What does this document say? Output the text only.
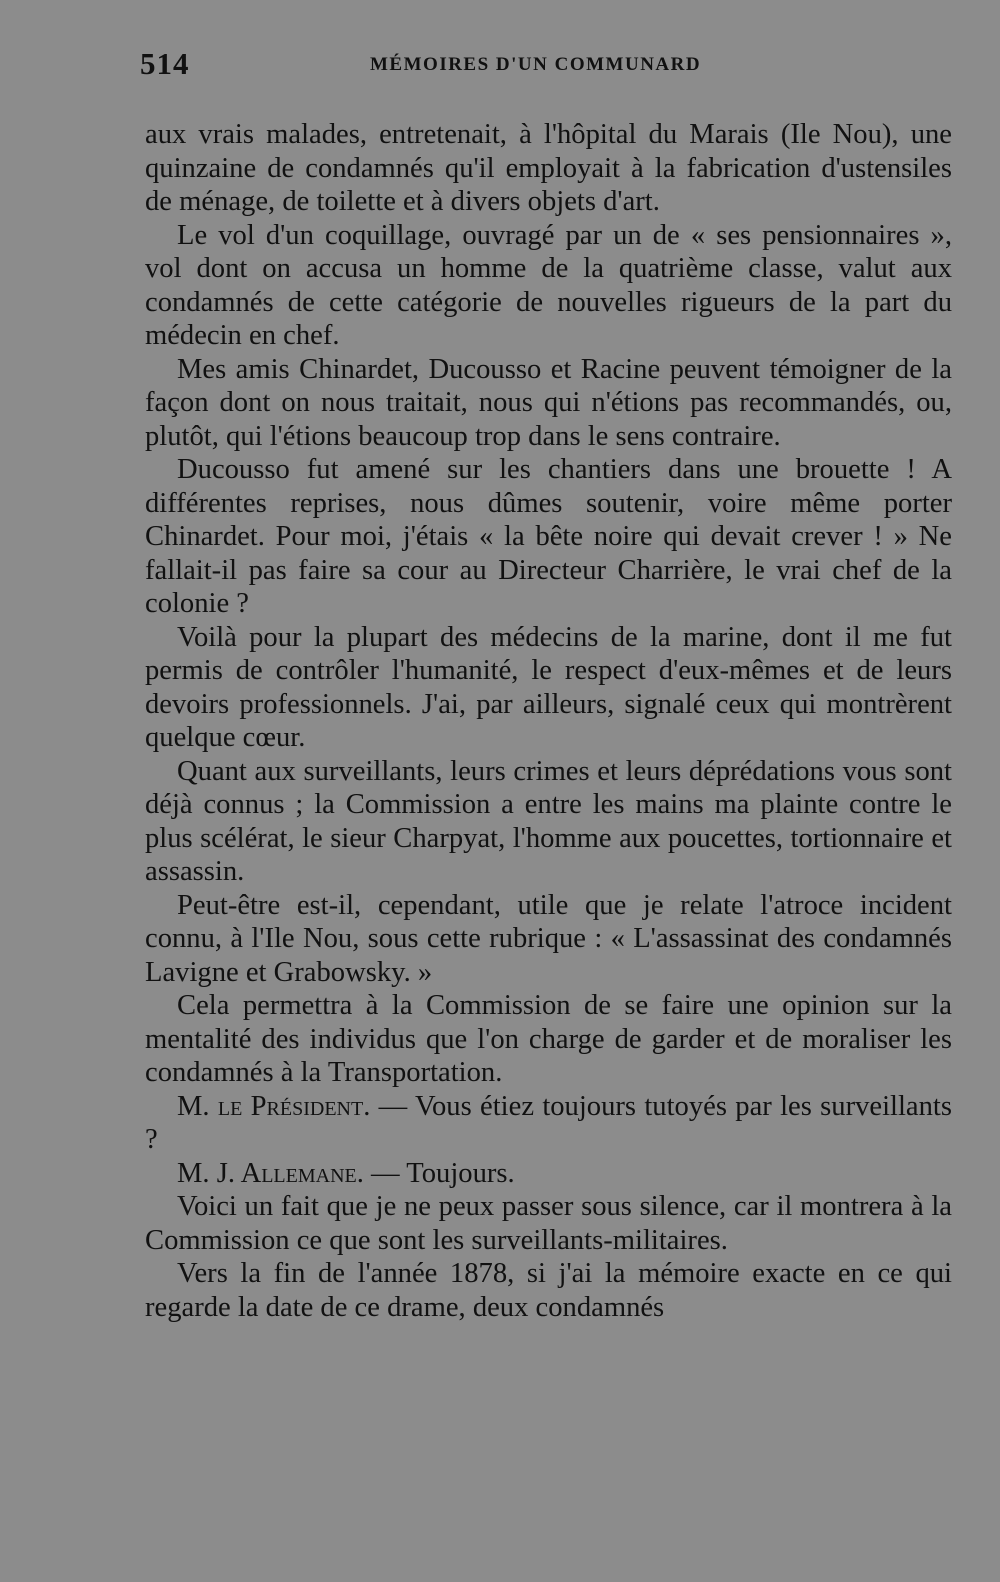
514	MÉMOIRES D'UN COMMUNARD

aux vrais malades, entretenait, à l'hôpital du Marais (Ile Nou), une quinzaine de condamnés qu'il employait à la fabrication d'ustensiles de ménage, de toilette et à divers objets d'art.

Le vol d'un coquillage, ouvragé par un de « ses pensionnaires », vol dont on accusa un homme de la quatrième classe, valut aux condamnés de cette catégorie de nouvelles rigueurs de la part du médecin en chef.

Mes amis Chinardet, Ducousso et Racine peuvent témoigner de la façon dont on nous traitait, nous qui n'étions pas recommandés, ou, plutôt, qui l'étions beaucoup trop dans le sens contraire.

Ducousso fut amené sur les chantiers dans une brouette ! A différentes reprises, nous dûmes soutenir, voire même porter Chinardet. Pour moi, j'étais « la bête noire qui devait crever ! » Ne fallait-il pas faire sa cour au Directeur Charrière, le vrai chef de la colonie ?

Voilà pour la plupart des médecins de la marine, dont il me fut permis de contrôler l'humanité, le respect d'eux-mêmes et de leurs devoirs professionnels. J'ai, par ailleurs, signalé ceux qui montrèrent quelque cœur.

Quant aux surveillants, leurs crimes et leurs déprédations vous sont déjà connus ; la Commission a entre les mains ma plainte contre le plus scélérat, le sieur Charpyat, l'homme aux poucettes, tortionnaire et assassin.

Peut-être est-il, cependant, utile que je relate l'atroce incident connu, à l'Ile Nou, sous cette rubrique : « L'assassinat des condamnés Lavigne et Grabowsky. »

Cela permettra à la Commission de se faire une opinion sur la mentalité des individus que l'on charge de garder et de moraliser les condamnés à la Transportation.

M. le Président. — Vous étiez toujours tutoyés par les surveillants ?

M. J. Allemane. — Toujours.

Voici un fait que je ne peux passer sous silence, car il montrera à la Commission ce que sont les surveillants-militaires.

Vers la fin de l'année 1878, si j'ai la mémoire exacte en ce qui regarde la date de ce drame, deux condamnés
